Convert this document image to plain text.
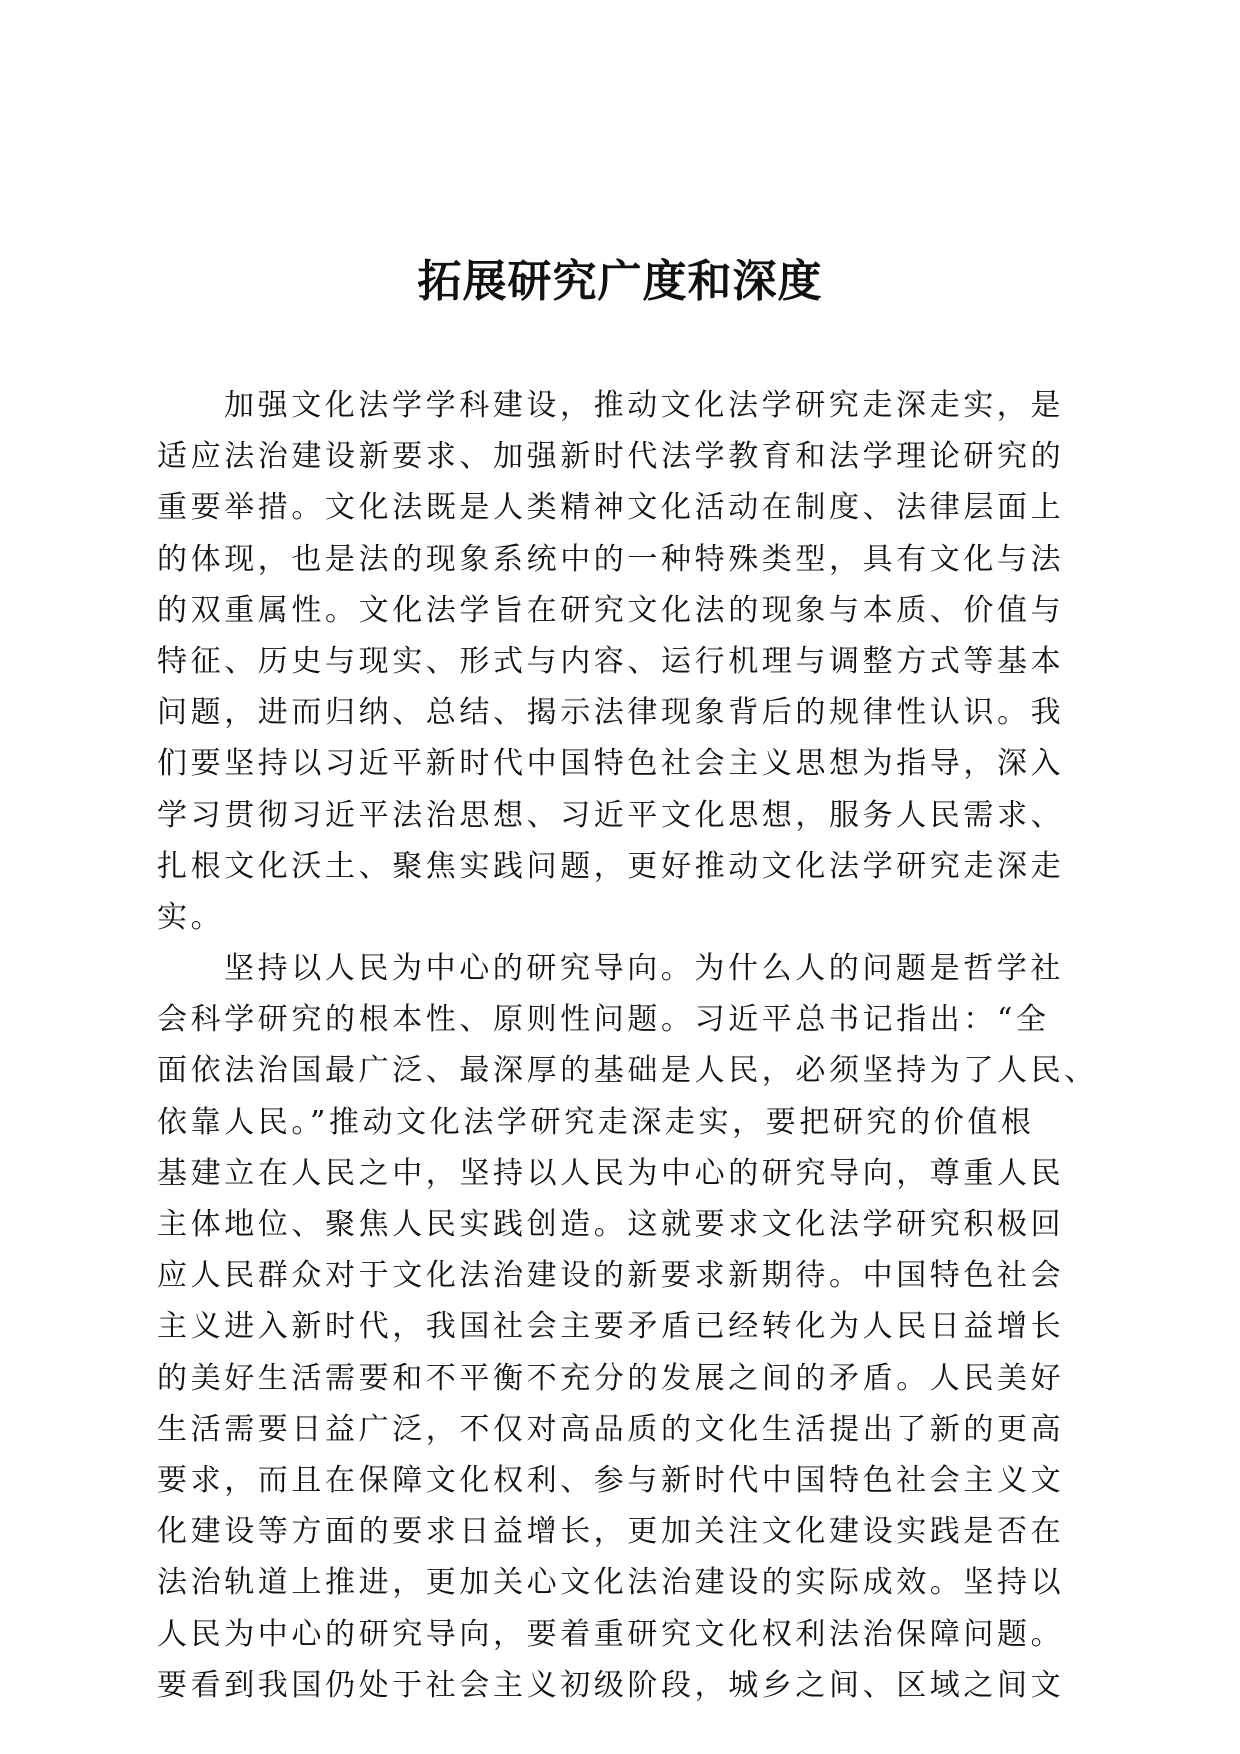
拓展研究广度和深度
加强文化法学学科建设，推动文化法学研究走深走实，是
适应法治建设新要求、加强新时代法学教育和法学理论研究的
重要举措。文化法既是人类精神文化活动在制度、法律层面上
的体现，也是法的现象系统中的一种特殊类型，具有文化与法
的双重属性。文化法学旨在研究文化法的现象与本质、价值与
特征、历史与现实、形式与内容、运行机理与调整方式等基本
问题，进而归纳、总结、揭示法律现象背后的规律性认识。我
们要坚持以习近平新时代中国特色社会主义思想为指导，深入
学习贯彻习近平法治思想、习近平文化思想，服务人民需求、
扎根文化沃土、聚焦实践问题，更好推动文化法学研究走深走
实。
坚持以人民为中心的研究导向。为什么人的问题是哲学社
会科学研究的根本性、原则性问题。习近平总书记指出：“全
面依法治国最广泛、最深厚的基础是人民，必须坚持为了人民、
依靠人民。”推动文化法学研究走深走实，要把研究的价值根
基建立在人民之中，坚持以人民为中心的研究导向，尊重人民
主体地位、聚焦人民实践创造。这就要求文化法学研究积极回
应人民群众对于文化法治建设的新要求新期待。中国特色社会
主义进入新时代，我国社会主要矛盾已经转化为人民日益增长
的美好生活需要和不平衡不充分的发展之间的矛盾。人民美好
生活需要日益广泛，不仅对高品质的文化生活提出了新的更高
要求，而且在保障文化权利、参与新时代中国特色社会主义文
化建设等方面的要求日益增长，更加关注文化建设实践是否在
法治轨道上推进，更加关心文化法治建设的实际成效。坚持以
人民为中心的研究导向，要着重研究文化权利法治保障问题。
要看到我国仍处于社会主义初级阶段，城乡之间、区域之间文
